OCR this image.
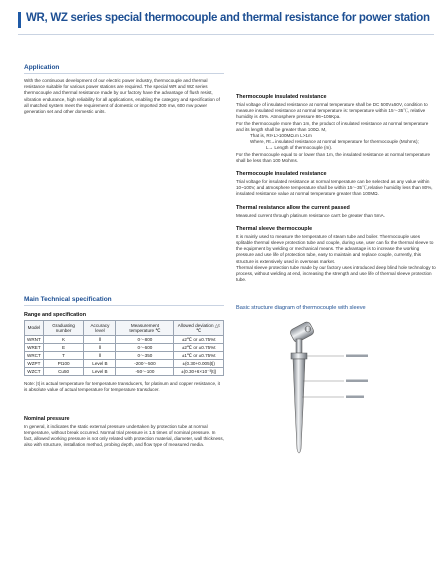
WR, WZ series special thermocouple and thermal resistance for power station
Application

With the continuous development of our electric power industry, thermocouple and thermal resistance suitable for various power stations are required. The special WR and WZ series thermocouple and thermal resistance made by our factory have the advantage of flush resist, vibration endurance, high reliability for all applications, enabling the category and specification of all matched system meet the requirement of domestic or imported 300 mw, 600 mw power generation set and other domestic units.

Main Technical specification
Range and specification
Model	Graduating number	Accuracy level	Measurement temperature ℃	Allowed deviation △t ℃
WRNT	K	Ⅱ	0～800	±2℃ or ±0.75%t
WRET	E	Ⅱ	0～600	±2℃ or ±0.75%t
WRCT	T	Ⅱ	0～350	±1℃ or ±0.75%t
WZPT	Pt100	Level B	-200～500	±(0.30+0.005|t|)
WZCT	Cu50	Level B	-50～100	±(0.30+6×10⁻³|t|)

Note: |t| is actual temperature for temperature transducers, for platinum and copper resistance, it is absolute value of actual temperature for temperature transducer.

Nominal pressure

In general, it indicates the static external pressure undertaken by protection tube at normal temperature, without break occurred. Normal trial pressure is 1.5 times of nominal pressure. In fact, allowed working pressure is not only related with protection material, diameter, wall thickness, also with structure, installation method, probing depth, and flow type of measured media.

Thermocouple insulated resistance

Trial voltage of insulated resistance at normal temperature shall be DC 500V±50V, condition to measure insulated resistance at normal temperature is: temperature within 15～35℃, relative humidity is 45%. Atmosphere pressure 86~106Kpa.

For the thermocouple more than 1m, the product of insulated resistance at normal temperature and its length shall be greater than 100Ω. M,

That is, RI×L>100MΩ.m L>1m

Where, Rt→insulated resistance at normal temperature for thermocouple (Mohms);

L→ Length of thermocouple (m).

For the thermocouple equal to or lower than 1m, the insulated resistance at normal temperature shall be less than 100 Mohms.

Thermocouple insulated resistance

Trial voltage for insulated resistance at normal temperature can be selected as any value within 10~100V, and atmosphere temperature shall be within 15～35℃,relative humidity less than 80%, insulated resistance value at normal temperature greater than 100MΩ.

Thermal resistance allow the current passed

Measured current through platinum resistance can't be greater than 5mA.

Thermal sleeve thermocouple

It is mainly used to measure the temperature of steam tube and boiler. Thermocouple uses splitable thermal sleeve protection tube and couple, during use, user can fix the thermal sleeve to the equipment by welding or mechanical means. The advantage is to increase the working pressure and use life of protection tube, easy to maintain and replace couple, currently, this structure is extensively used in overseas market.
Thermal sleeve protection tube made by our factory uses introduced deep blind hole technology to process, without welding at end, increasing the strength and use life of thermal sleeve protection tube.

Basic structure diagram of thermocouple with sleeve
